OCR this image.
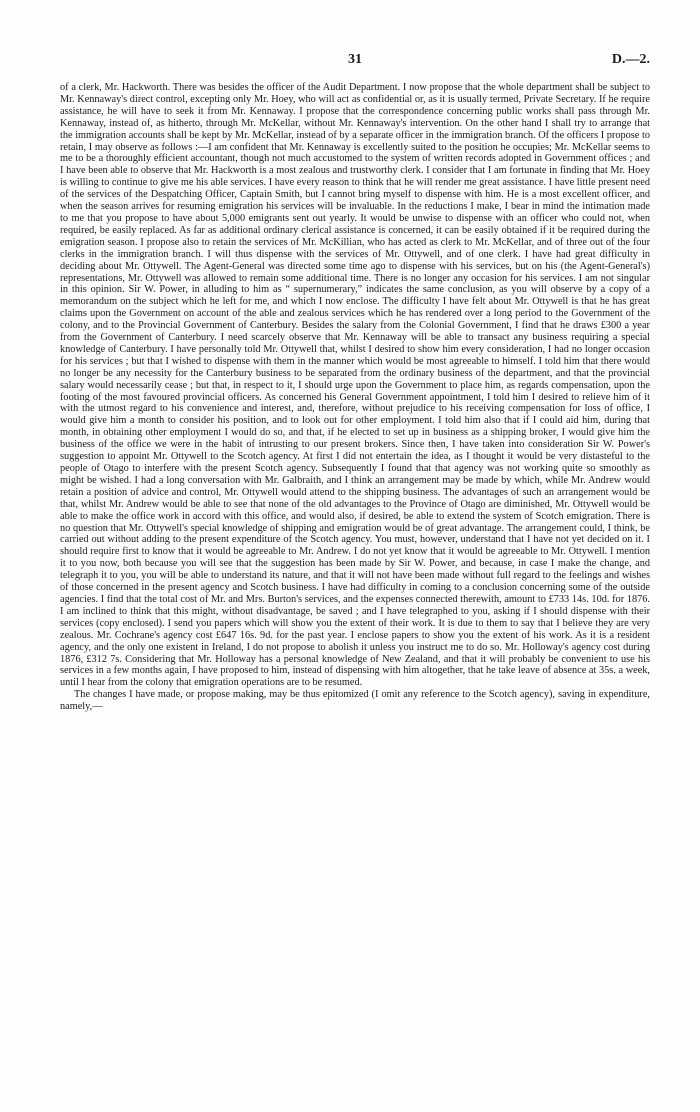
31	D.—2.

of a clerk, Mr. Hackworth. There was besides the officer of the Audit Department. I now propose that the whole department shall be subject to Mr. Kennaway's direct control, excepting only Mr. Hoey, who will act as confidential or, as it is usually termed, Private Secretary. If he require assistance, he will have to seek it from Mr. Kennaway. I propose that the correspondence concerning public works shall pass through Mr. Kennaway, instead of, as hitherto, through Mr. McKellar, without Mr. Kennaway's intervention. On the other hand I shall try to arrange that the immigration accounts shall be kept by Mr. McKellar, instead of by a separate officer in the immigration branch. Of the officers I propose to retain, I may observe as follows :—I am confident that Mr. Kennaway is excellently suited to the position he occupies; Mr. McKellar seems to me to be a thoroughly efficient accountant, though not much accustomed to the system of written records adopted in Government offices ; and I have been able to observe that Mr. Hackworth is a most zealous and trustworthy clerk. I consider that I am fortunate in finding that Mr. Hoey is willing to continue to give me his able services. I have every reason to think that he will render me great assistance. I have little present need of the services of the Despatching Officer, Captain Smith, but I cannot bring myself to dispense with him. He is a most excellent officer, and when the season arrives for resuming emigration his services will be invaluable. In the reductions I make, I bear in mind the intimation made to me that you propose to have about 5,000 emigrants sent out yearly. It would be unwise to dispense with an officer who could not, when required, be easily replaced. As far as additional ordinary clerical assistance is concerned, it can be easily obtained if it be required during the emigration season. I propose also to retain the services of Mr. McKillian, who has acted as clerk to Mr. McKellar, and of three out of the four clerks in the immigration branch. I will thus dispense with the services of Mr. Ottywell, and of one clerk. I have had great difficulty in deciding about Mr. Ottywell. The Agent-General was directed some time ago to dispense with his services, but on his (the Agent-General's) representations, Mr. Ottywell was allowed to remain some additional time. There is no longer any occasion for his services. I am not singular in this opinion. Sir W. Power, in alluding to him as “ supernumerary,” indicates the same conclusion, as you will observe by a copy of a memorandum on the subject which he left for me, and which I now enclose. The difficulty I have felt about Mr. Ottywell is that he has great claims upon the Government on account of the able and zealous services which he has rendered over a long period to the Government of the colony, and to the Provincial Government of Canterbury. Besides the salary from the Colonial Government, I find that he draws £300 a year from the Government of Canterbury. I need scarcely observe that Mr. Kennaway will be able to transact any business requiring a special knowledge of Canterbury. I have personally told Mr. Ottywell that, whilst I desired to show him every consideration, I had no longer occasion for his services ; but that I wished to dispense with them in the manner which would be most agreeable to himself. I told him that there would no longer be any necessity for the Canterbury business to be separated from the ordinary business of the department, and that the provincial salary would necessarily cease ; but that, in respect to it, I should urge upon the Government to place him, as regards compensation, upon the footing of the most favoured provincial officers. As concerned his General Government appointment, I told him I desired to relieve him of it with the utmost regard to his convenience and interest, and, therefore, without prejudice to his receiving compensation for loss of office, I would give him a month to consider his position, and to look out for other employment. I told him also that if I could aid him, during that month, in obtaining other employment I would do so, and that, if he elected to set up in business as a shipping broker, I would give him the business of the office we were in the habit of intrusting to our present brokers. Since then, I have taken into consideration Sir W. Power's suggestion to appoint Mr. Ottywell to the Scotch agency. At first I did not entertain the idea, as I thought it would be very distasteful to the people of Otago to interfere with the present Scotch agency. Subsequently I found that that agency was not working quite so smoothly as might be wished. I had a long conversation with Mr. Galbraith, and I think an arrangement may be made by which, while Mr. Andrew would retain a position of advice and control, Mr. Ottywell would attend to the shipping business. The advantages of such an arrangement would be that, whilst Mr. Andrew would be able to see that none of the old advantages to the Province of Otago are diminished, Mr. Ottywell would be able to make the office work in accord with this office, and would also, if desired, be able to extend the system of Scotch emigration. There is no question that Mr. Ottywell's special knowledge of shipping and emigration would be of great advantage. The arrangement could, I think, be carried out without adding to the present expenditure of the Scotch agency. You must, however, understand that I have not yet decided on it. I should require first to know that it would be agreeable to Mr. Andrew. I do not yet know that it would be agreeable to Mr. Ottywell. I mention it to you now, both because you will see that the suggestion has been made by Sir W. Power, and because, in case I make the change, and telegraph it to you, you will be able to understand its nature, and that it will not have been made without full regard to the feelings and wishes of those concerned in the present agency and Scotch business. I have had difficulty in coming to a conclusion concerning some of the outside agencies. I find that the total cost of Mr. and Mrs. Burton's services, and the expenses connected therewith, amount to £733 14s. 10d. for 1876. I am inclined to think that this might, without disadvantage, be saved ; and I have telegraphed to you, asking if I should dispense with their services (copy enclosed). I send you papers which will show you the extent of their work. It is due to them to say that I believe they are very zealous. Mr. Cochrane's agency cost £647 16s. 9d. for the past year. I enclose papers to show you the extent of his work. As it is a resident agency, and the only one existent in Ireland, I do not propose to abolish it unless you instruct me to do so. Mr. Holloway's agency cost during 1876, £312 7s. Considering that Mr. Holloway has a personal knowledge of New Zealand, and that it will probably be convenient to use his services in a few months again, I have proposed to him, instead of dispensing with him altogether, that he take leave of absence at 35s. a week, until I hear from the colony that emigration operations are to be resumed.

The changes I have made, or propose making, may be thus epitomized (I omit any reference to the Scotch agency), saving in expenditure, namely,—
